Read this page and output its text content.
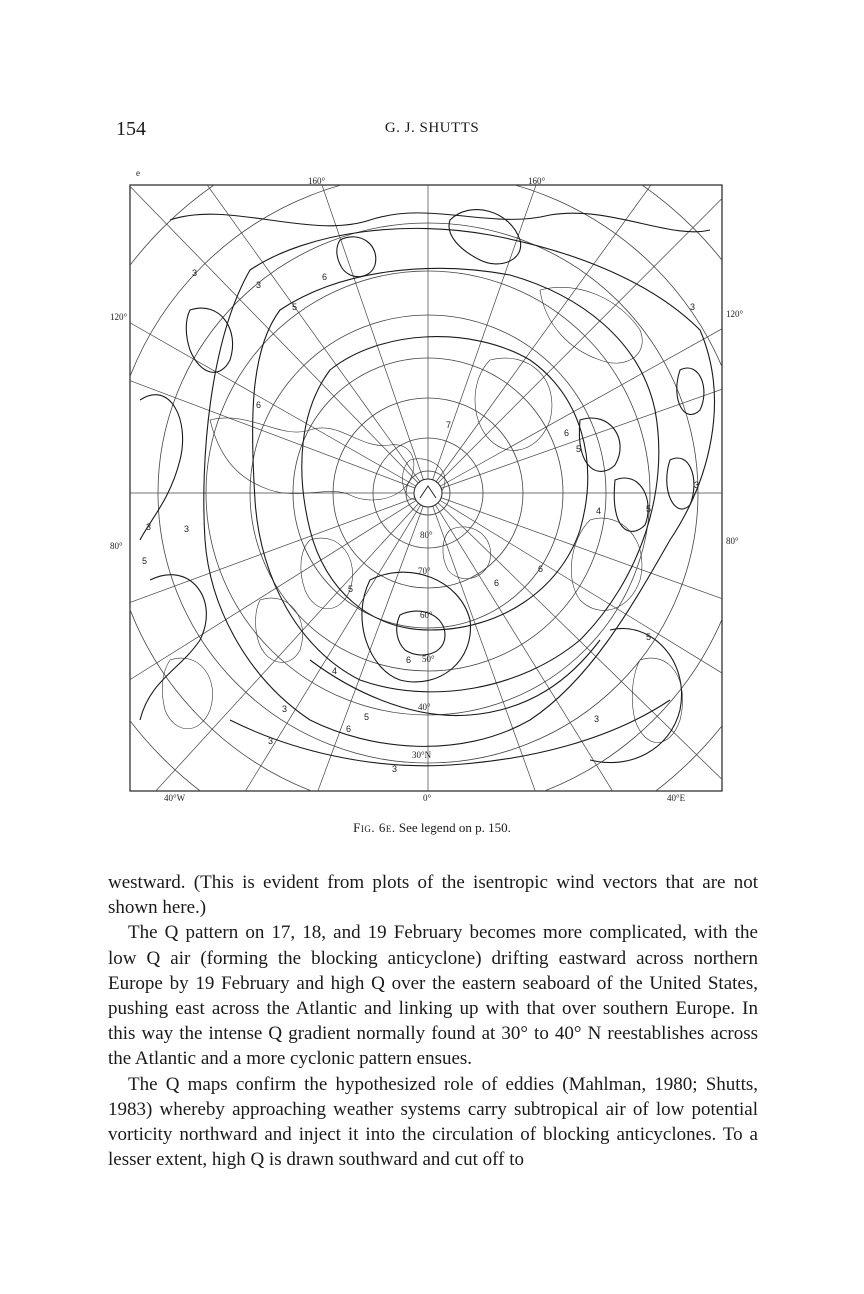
154	G. J. SHUTTS
e
160°	160°
120°	120°
80°	80°
40°W	0°	40°E
30°N
40°
50°
60°
70°
80°
3
3
6
5	3
6
6
5
4	5
3
3	3
5
6
6
5
7
6
4
3
5
6
3
3
3
5
Fig. 6e. See legend on p. 150.

westward. (This is evident from plots of the isentropic wind vectors that are not shown here.)

The Q pattern on 17, 18, and 19 February becomes more complicated, with the low Q air (forming the blocking anticyclone) drifting eastward across northern Europe by 19 February and high Q over the eastern seaboard of the United States, pushing east across the Atlantic and linking up with that over southern Europe. In this way the intense Q gradient normally found at 30° to 40° N reestablishes across the Atlantic and a more cyclonic pattern ensues.

The Q maps confirm the hypothesized role of eddies (Mahlman, 1980; Shutts, 1983) whereby approaching weather systems carry subtropical air of low potential vorticity northward and inject it into the circulation of blocking anticyclones. To a lesser extent, high Q is drawn southward and cut off to
